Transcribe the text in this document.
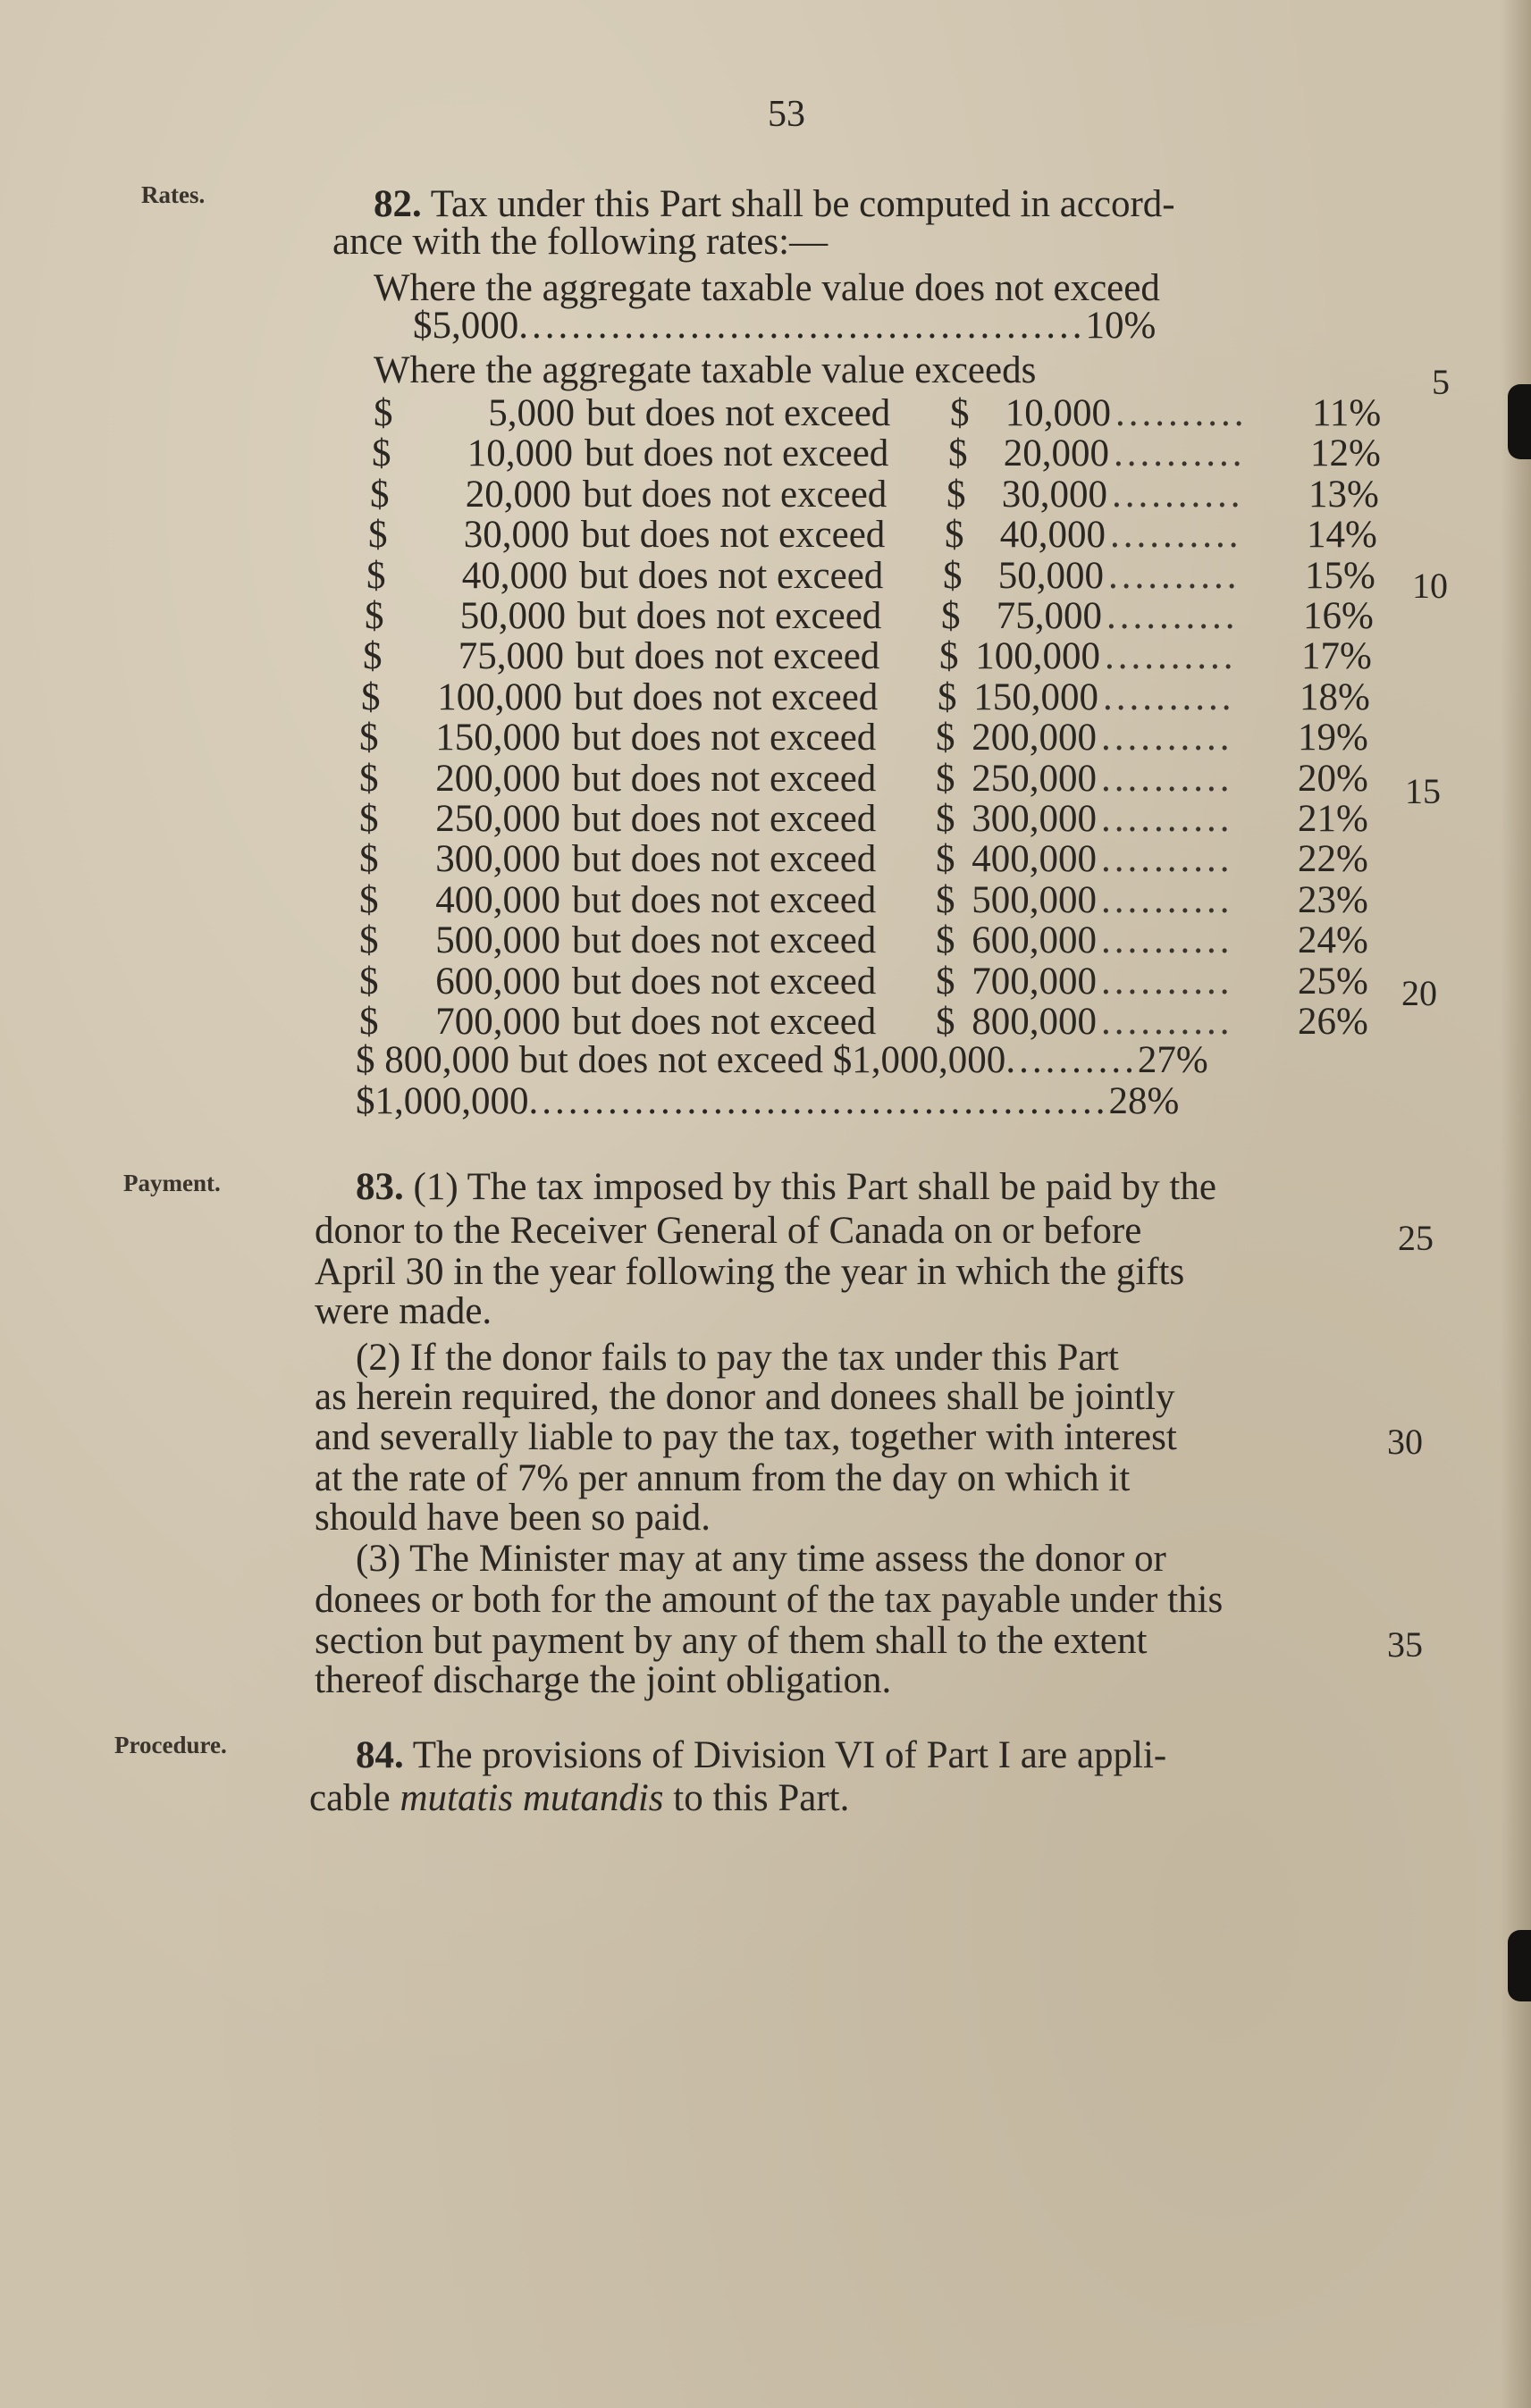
53
Rates.
Payment.
Procedure.
82. Tax under this Part shall be computed in accord-
ance with the following rates:—
Where the aggregate taxable value does not exceed
$5,000...........................................10%
Where the aggregate taxable value exceeds
$	5,000 but does not exceed $ 10,000 ..........	11%
$	10,000 but does not exceed $ 20,000 ..........	12%
$	20,000 but does not exceed $ 30,000 ..........	13%
$	30,000 but does not exceed $ 40,000 ..........	14%
$	40,000 but does not exceed $ 50,000 ..........	15%
$	50,000 but does not exceed $ 75,000 ..........	16%
$	75,000 but does not exceed $ 100,000 ..........	17%
$	100,000 but does not exceed $ 150,000 ..........	18%
$	150,000 but does not exceed $ 200,000 ..........	19%
$	200,000 but does not exceed $ 250,000 ..........	20%
$	250,000 but does not exceed $ 300,000 ..........	21%
$	300,000 but does not exceed $ 400,000 ..........	22%
$	400,000 but does not exceed $ 500,000 ..........	23%
$	500,000 but does not exceed $ 600,000 ..........	24%
$	600,000 but does not exceed $ 700,000 ..........	25%
$	700,000 but does not exceed $ 800,000 ..........	26%
$ 800,000 but does not exceed $1,000,000..........27%
$1,000,000............................................28%
83. (1) The tax imposed by this Part shall be paid by the
donor to the Receiver General of Canada on or before
April 30 in the year following the year in which the gifts
were made.
(2) If the donor fails to pay the tax under this Part
as herein required, the donor and donees shall be jointly
and severally liable to pay the tax, together with interest
at the rate of 7% per annum from the day on which it
should have been so paid.
(3) The Minister may at any time assess the donor or
donees or both for the amount of the tax payable under this
section but payment by any of them shall to the extent
thereof discharge the joint obligation.
84. The provisions of Division VI of Part I are appli-
cable mutatis mutandis to this Part.
5
10
15
20
25
30
35
